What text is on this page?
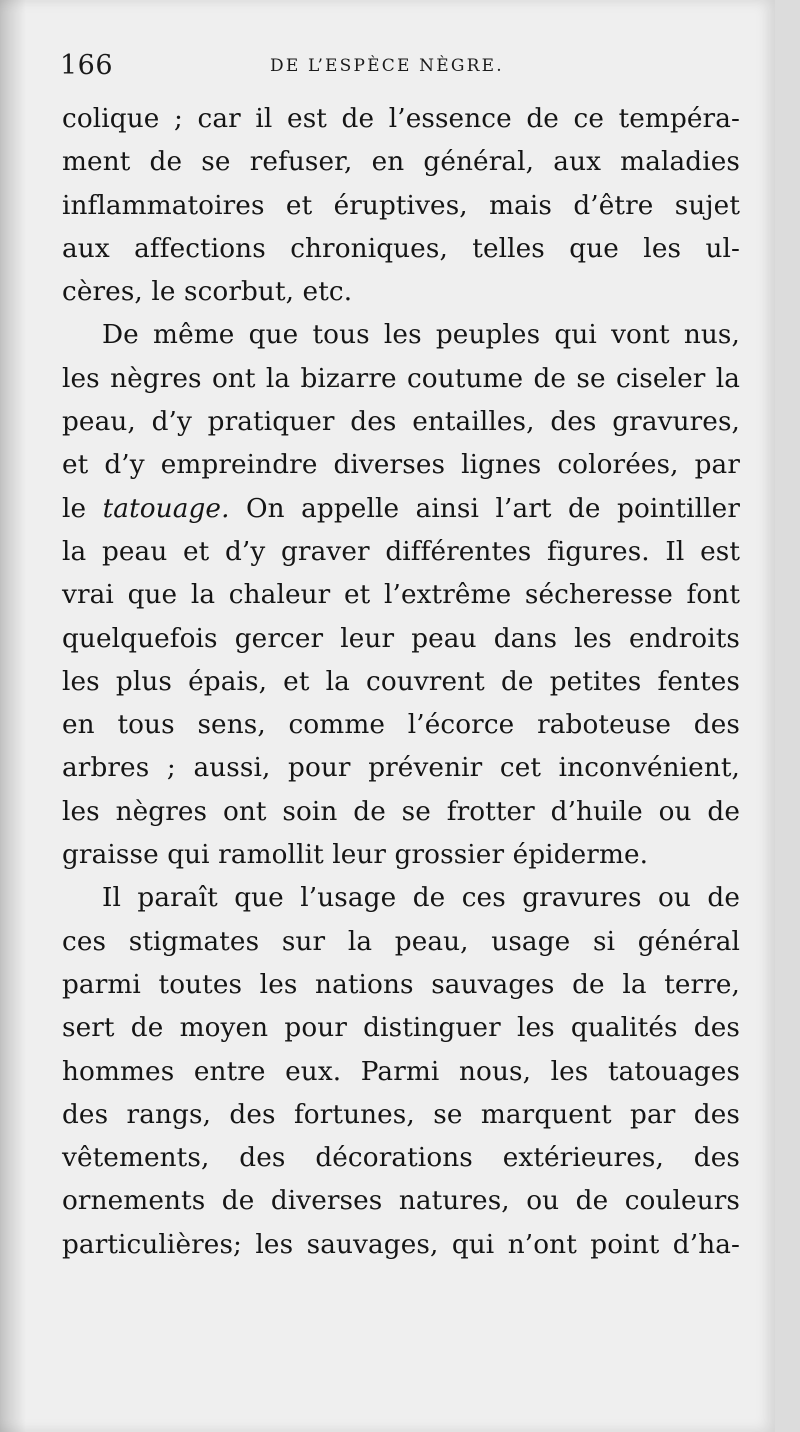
166	DE L’ESPÈCE NÈGRE.
colique ; car il est de l’essence de ce tempéra-
ment de se refuser, en général, aux maladies
inflammatoires et éruptives, mais d’être sujet
aux affections chroniques, telles que les ul-
cères, le scorbut, etc.
De même que tous les peuples qui vont nus,
les nègres ont la bizarre coutume de se ciseler la
peau, d’y pratiquer des entailles, des gravures,
et d’y empreindre diverses lignes colorées, par
le tatouage. On appelle ainsi l’art de pointiller
la peau et d’y graver différentes figures. Il est
vrai que la chaleur et l’extrême sécheresse font
quelquefois gercer leur peau dans les endroits
les plus épais, et la couvrent de petites fentes
en tous sens, comme l’écorce raboteuse des
arbres ; aussi, pour prévenir cet inconvénient,
les nègres ont soin de se frotter d’huile ou de
graisse qui ramollit leur grossier épiderme.
Il paraît que l’usage de ces gravures ou de
ces stigmates sur la peau, usage si général
parmi toutes les nations sauvages de la terre,
sert de moyen pour distinguer les qualités des
hommes entre eux. Parmi nous, les tatouages
des rangs, des fortunes, se marquent par des
vêtements, des décorations extérieures, des
ornements de diverses natures, ou de couleurs
particulières; les sauvages, qui n’ont point d’ha-
